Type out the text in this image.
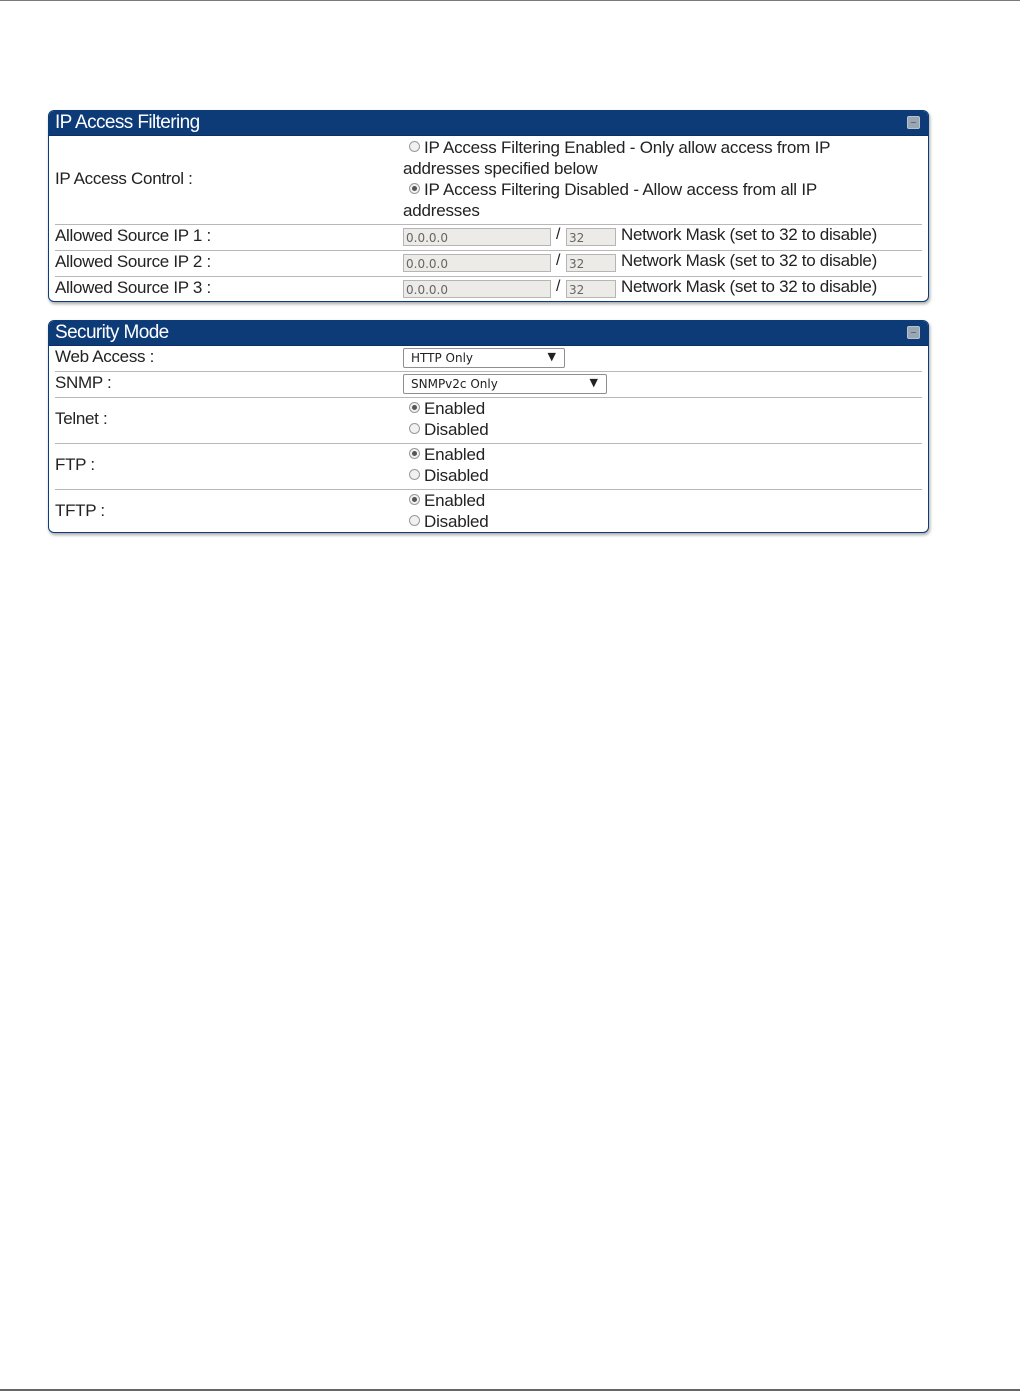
IP Access Filtering
IP Access Control :
IP Access Filtering Enabled - Only allow access from IP
addresses specified below
IP Access Filtering Disabled - Allow access from all IP
addresses
Allowed Source IP 1 :	0.0.0.0	/ 32	Network Mask (set to 32 to disable)
Allowed Source IP 2 :	0.0.0.0	/ 32	Network Mask (set to 32 to disable)
Allowed Source IP 3 :	0.0.0.0	/ 32	Network Mask (set to 32 to disable)
Security Mode
Web Access :	HTTP Only	▼
SNMP :	SNMPv2c Only	▼
Telnet :
Enabled
Disabled
FTP :
Enabled
Disabled
TFTP :
Enabled
Disabled
